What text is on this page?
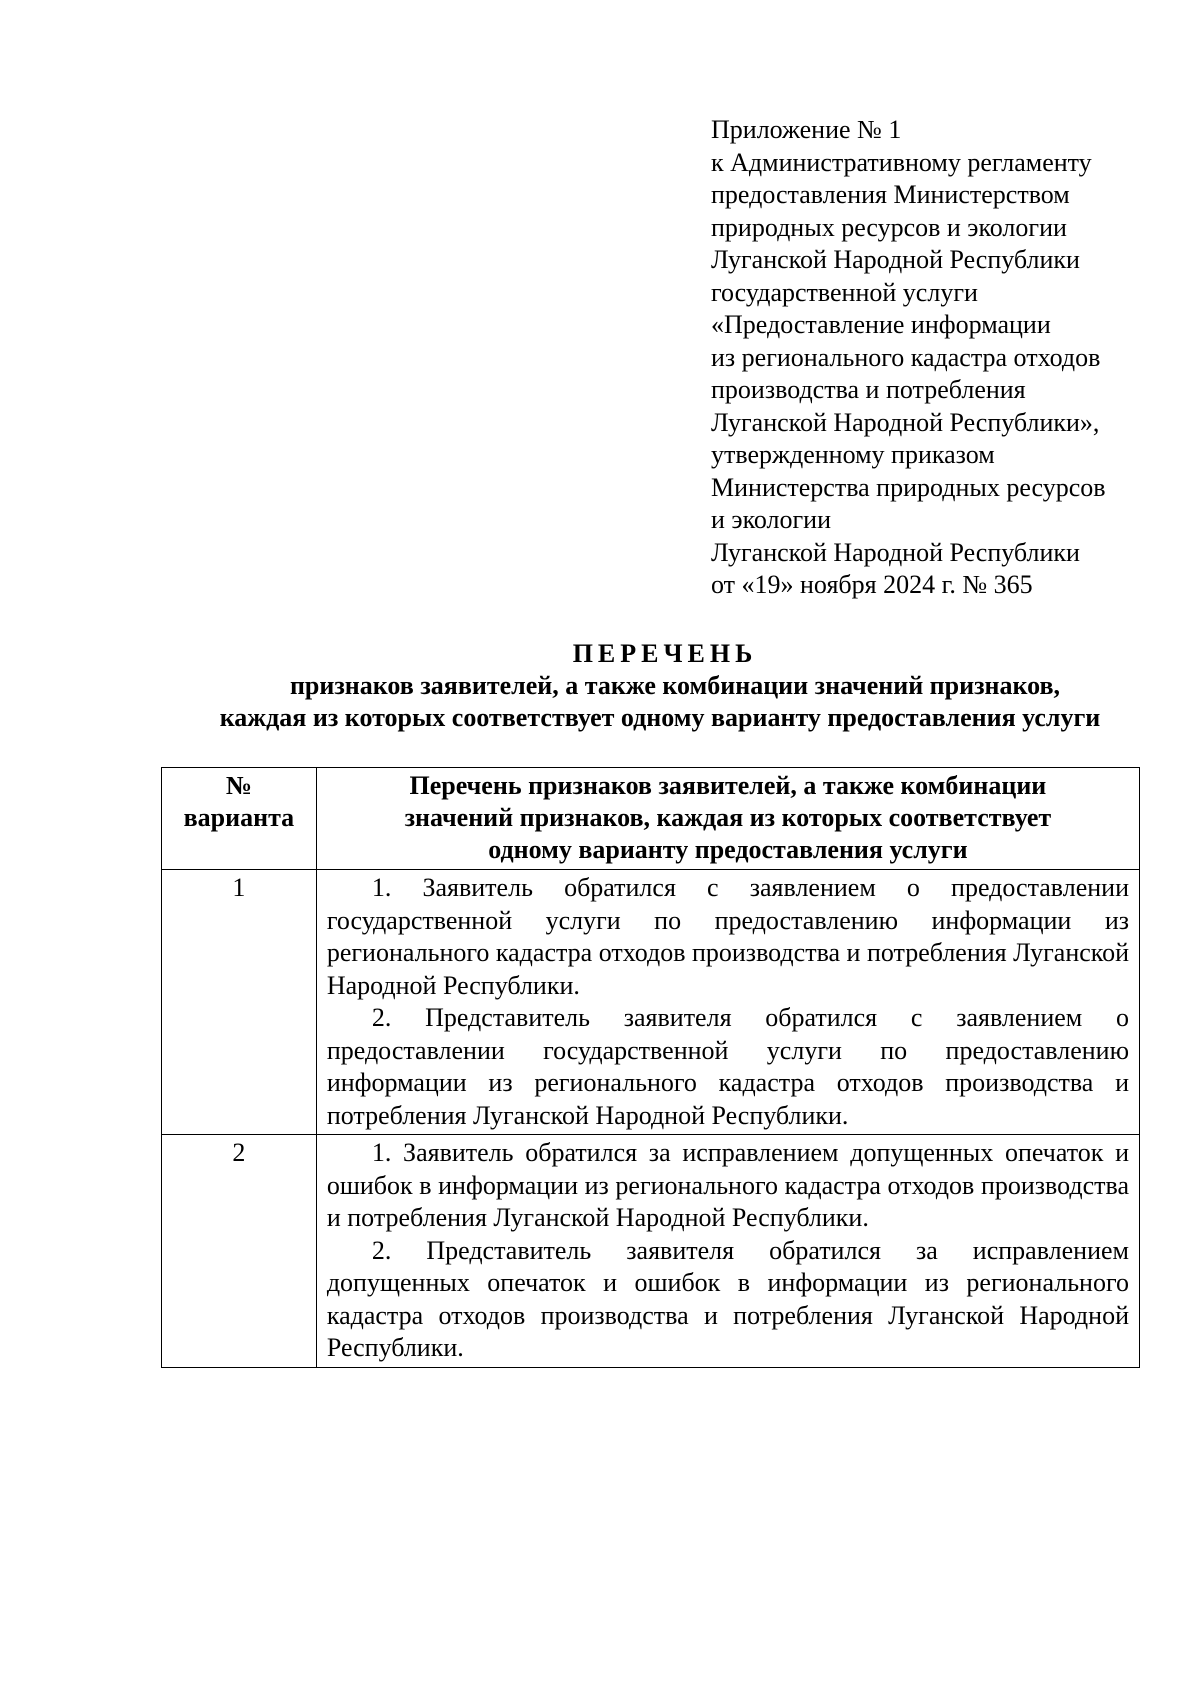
Приложение № 1
к Административному регламенту
предоставления Министерством
природных ресурсов и экологии
Луганской Народной Республики
государственной услуги
«Предоставление информации
из регионального кадастра отходов
производства и потребления
Луганской Народной Республики»,
утвержденному приказом
Министерства природных ресурсов
и экологии
Луганской Народной Республики
от «19» ноября 2024 г. № 365
ПЕРЕЧЕНЬ
признаков заявителей, а также комбинации значений признаков,
каждая из которых соответствует одному варианту предоставления услуги
№
варианта	Перечень признаков заявителей, а также комбинации
значений признаков, каждая из которых соответствует
одному варианту предоставления услуги

1	1. Заявитель обратился с заявлением о предоставлении государственной услуги по предоставлению информации из регионального кадастра отходов производства и потребления Луганской Народной Республики.

2. Представитель заявителя обратился с заявлением о предоставлении государственной услуги по предоставлению информации из регионального кадастра отходов производства и потребления Луганской Народной Республики.

2	1. Заявитель обратился за исправлением допущенных опечаток и ошибок в информации из регионального кадастра отходов производства и потребления Луганской Народной Республики.

2. Представитель заявителя обратился за исправлением допущенных опечаток и ошибок в информации из регионального кадастра отходов производства и потребления Луганской Народной Республики.
